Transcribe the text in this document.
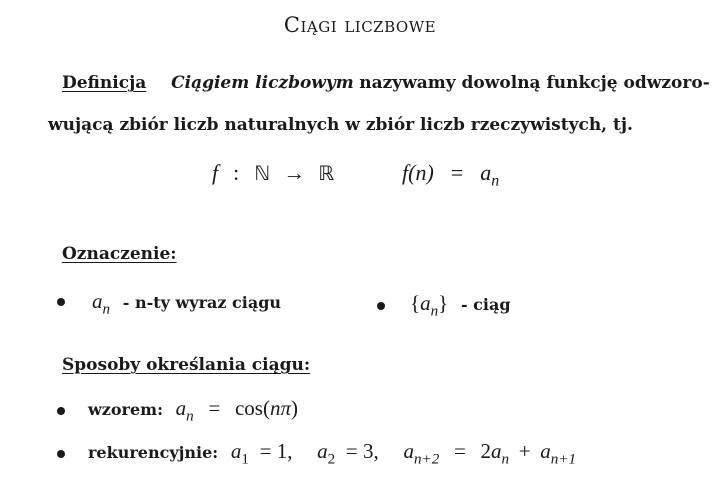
Ciągi liczbowe
Definicja Ciągiem liczbowym nazywamy dowolną funkcję odwzoro-
wującą zbiór liczb naturalnych w zbiór liczb rzeczywistych, tj.
f : ℕ → ℝ	$f(n) = a_n$
Oznaczenie:
$a_n - n-ty$ wyraz ciągu	$\{a_n\}$ - ciąg
Sposoby określania ciągu:
wzorem: $a_n = \cos(n\pi)$
rekurencyjnie: $a_1 = 1$, $a_2 = 3$, $a_{n+2} = 2a_n + a_{n+1}$
